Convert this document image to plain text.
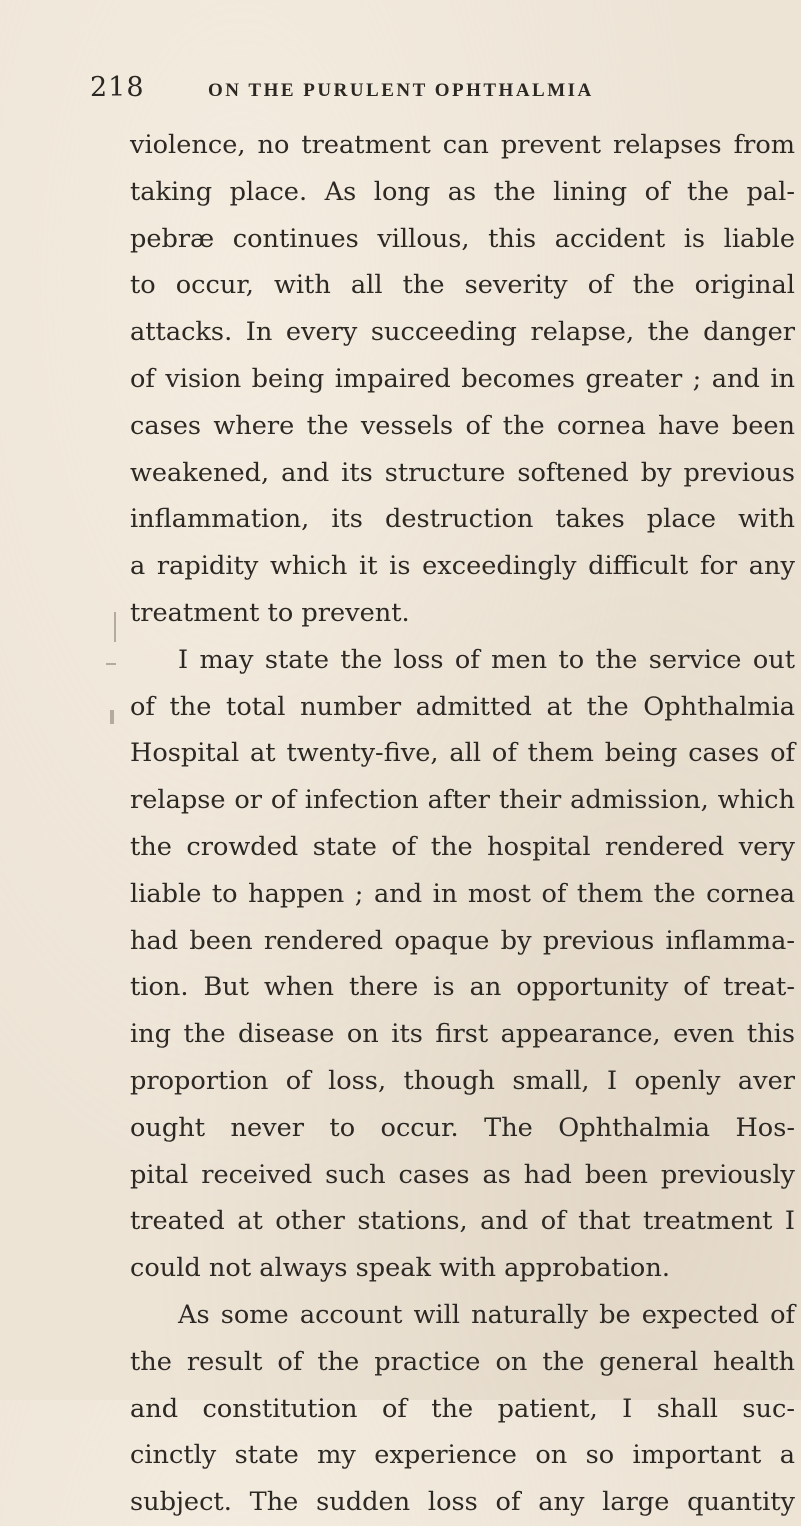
218	ON THE PURULENT OPHTHALMIA
violence, no treatment can prevent relapses from
taking place. As long as the lining of the pal-
pebræ continues villous, this accident is liable
to occur, with all the severity of the original
attacks. In every succeeding relapse, the danger
of vision being impaired becomes greater ; and in
cases where the vessels of the cornea have been
weakened, and its structure softened by previous
inflammation, its destruction takes place with
a rapidity which it is exceedingly difficult for any
treatment to prevent.
I may state the loss of men to the service out
of the total number admitted at the Ophthalmia
Hospital at twenty-five, all of them being cases of
relapse or of infection after their admission, which
the crowded state of the hospital rendered very
liable to happen ; and in most of them the cornea
had been rendered opaque by previous inflamma-
tion. But when there is an opportunity of treat-
ing the disease on its first appearance, even this
proportion of loss, though small, I openly aver
ought never to occur. The Ophthalmia Hos-
pital received such cases as had been previously
treated at other stations, and of that treatment I
could not always speak with approbation.
As some account will naturally be expected of
the result of the practice on the general health
and constitution of the patient, I shall suc-
cinctly state my experience on so important a
subject. The sudden loss of any large quantity
